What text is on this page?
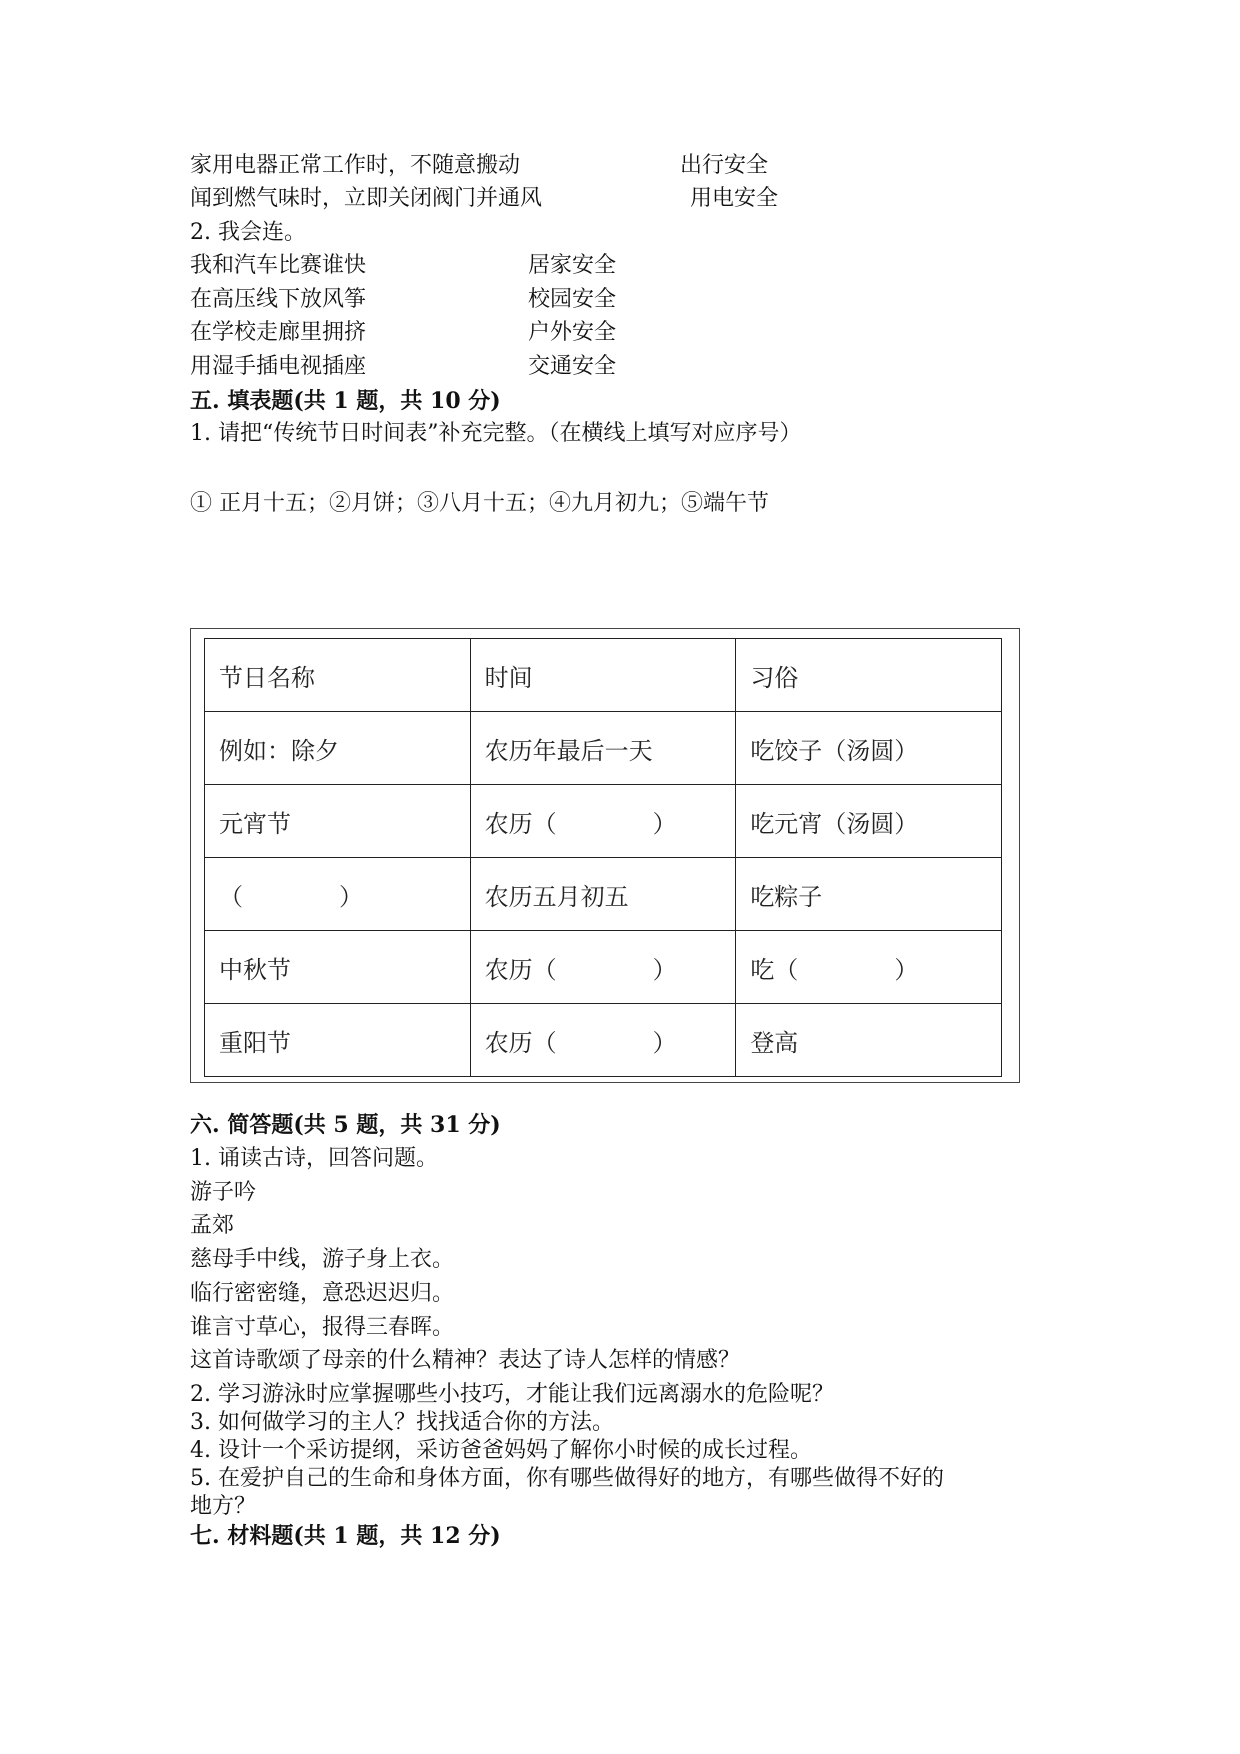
家用电器正常工作时，不随意搬动	出行安全
闻到燃气味时，立即关闭阀门并通风	用电安全
2. 我会连。
我和汽车比赛谁快	居家安全
在高压线下放风筝	校园安全
在学校走廊里拥挤	户外安全
用湿手插电视插座	交通安全
五. 填表题(共 1 题，共 10 分)
1. 请把“传统节日时间表”补充完整。（在横线上填写对应序号）
① 正月十五；②月饼；③八月十五；④九月初九；⑤端午节
节日名称	时间	习俗
例如：除夕	农历年最后一天	吃饺子（汤圆）
元宵节	农历（ ）	吃元宵（汤圆）
（ ）	农历五月初五	吃粽子
中秋节	农历（ ）	吃（ ）
重阳节	农历（ ）	登高
六. 简答题(共 5 题，共 31 分)
1. 诵读古诗，回答问题。
游子吟
孟郊
慈母手中线，游子身上衣。
临行密密缝，意恐迟迟归。
谁言寸草心，报得三春晖。
这首诗歌颂了母亲的什么精神？表达了诗人怎样的情感？
2. 学习游泳时应掌握哪些小技巧，才能让我们远离溺水的危险呢？
3. 如何做学习的主人？找找适合你的方法。
4. 设计一个采访提纲，采访爸爸妈妈了解你小时候的成长过程。
5. 在爱护自己的生命和身体方面，你有哪些做得好的地方，有哪些做得不好的
地方？
七. 材料题(共 1 题，共 12 分)
